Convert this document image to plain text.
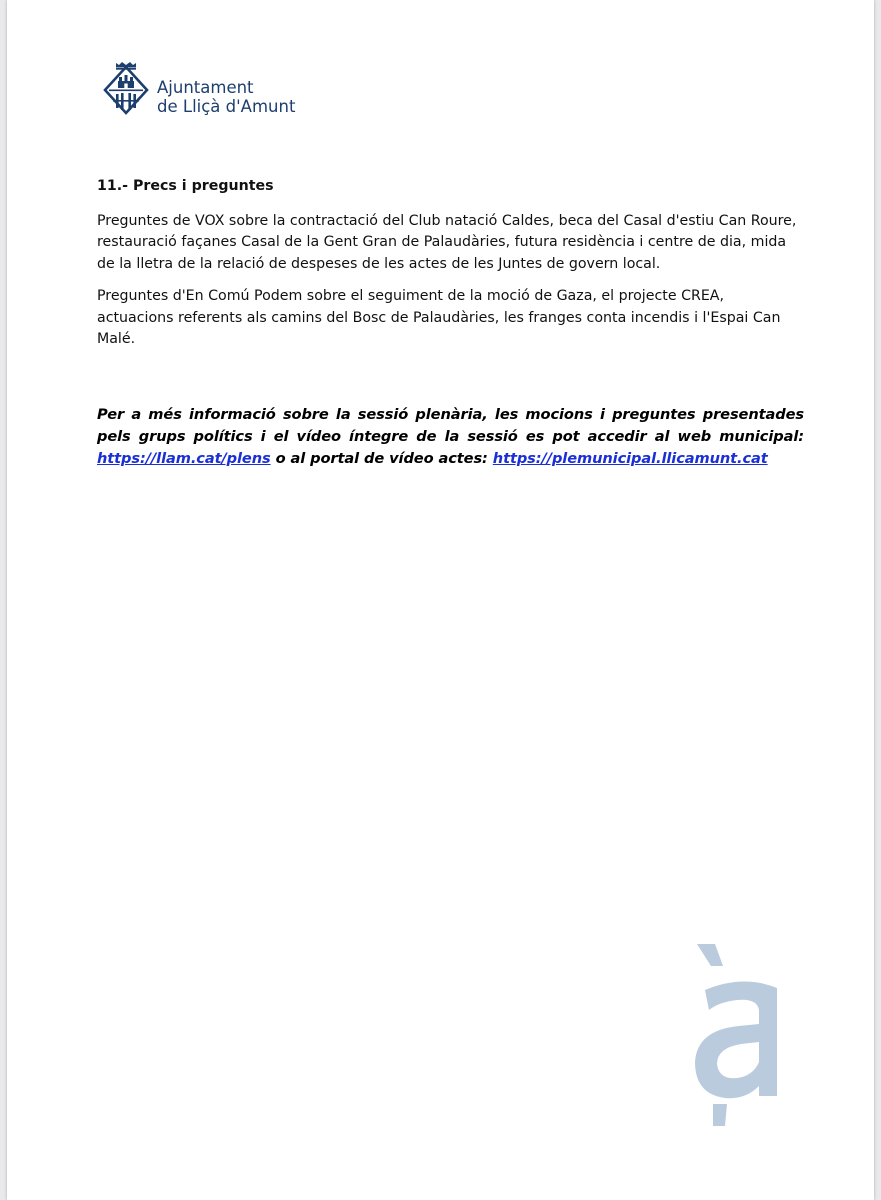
Ajuntament
de Lliçà d'Amunt

11.- Precs i preguntes

Preguntes de VOX sobre la contractació del Club natació Caldes, beca del Casal d'estiu Can Roure, restauració façanes Casal de la Gent Gran de Palaudàries, futura residència i centre de dia, mida de la lletra de la relació de despeses de les actes de les Juntes de govern local.

Preguntes d'En Comú Podem sobre el seguiment de la moció de Gaza, el projecte CREA, actuacions referents als camins del Bosc de Palaudàries, les franges conta incendis i l'Espai Can Malé.

Per a més informació sobre la sessió plenària, les mocions i preguntes presentades pels grups polítics i el vídeo íntegre de la sessió es pot accedir al web municipal: https://llam.cat/plens o al portal de vídeo actes: https://plemunicipal.llicamunt.cat
